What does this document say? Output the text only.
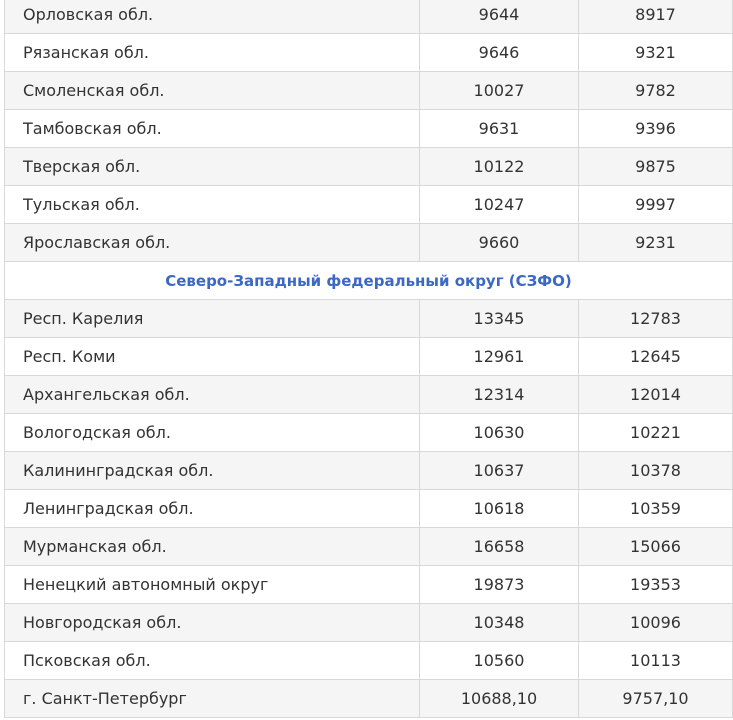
Орловская обл.	9644	8917
Рязанская обл.	9646	9321
Смоленская обл.	10027	9782
Тамбовская обл.	9631	9396
Тверская обл.	10122	9875
Тульская обл.	10247	9997
Ярославская обл.	9660	9231
Северо-Западный федеральный округ (СЗФО)
Респ. Карелия	13345	12783
Респ. Коми	12961	12645
Архангельская обл.	12314	12014
Вологодская обл.	10630	10221
Калининградская обл.	10637	10378
Ленинградская обл.	10618	10359
Мурманская обл.	16658	15066
Ненецкий автономный округ	19873	19353
Новгородская обл.	10348	10096
Псковская обл.	10560	10113
г. Санкт-Петербург	10688,10	9757,10
